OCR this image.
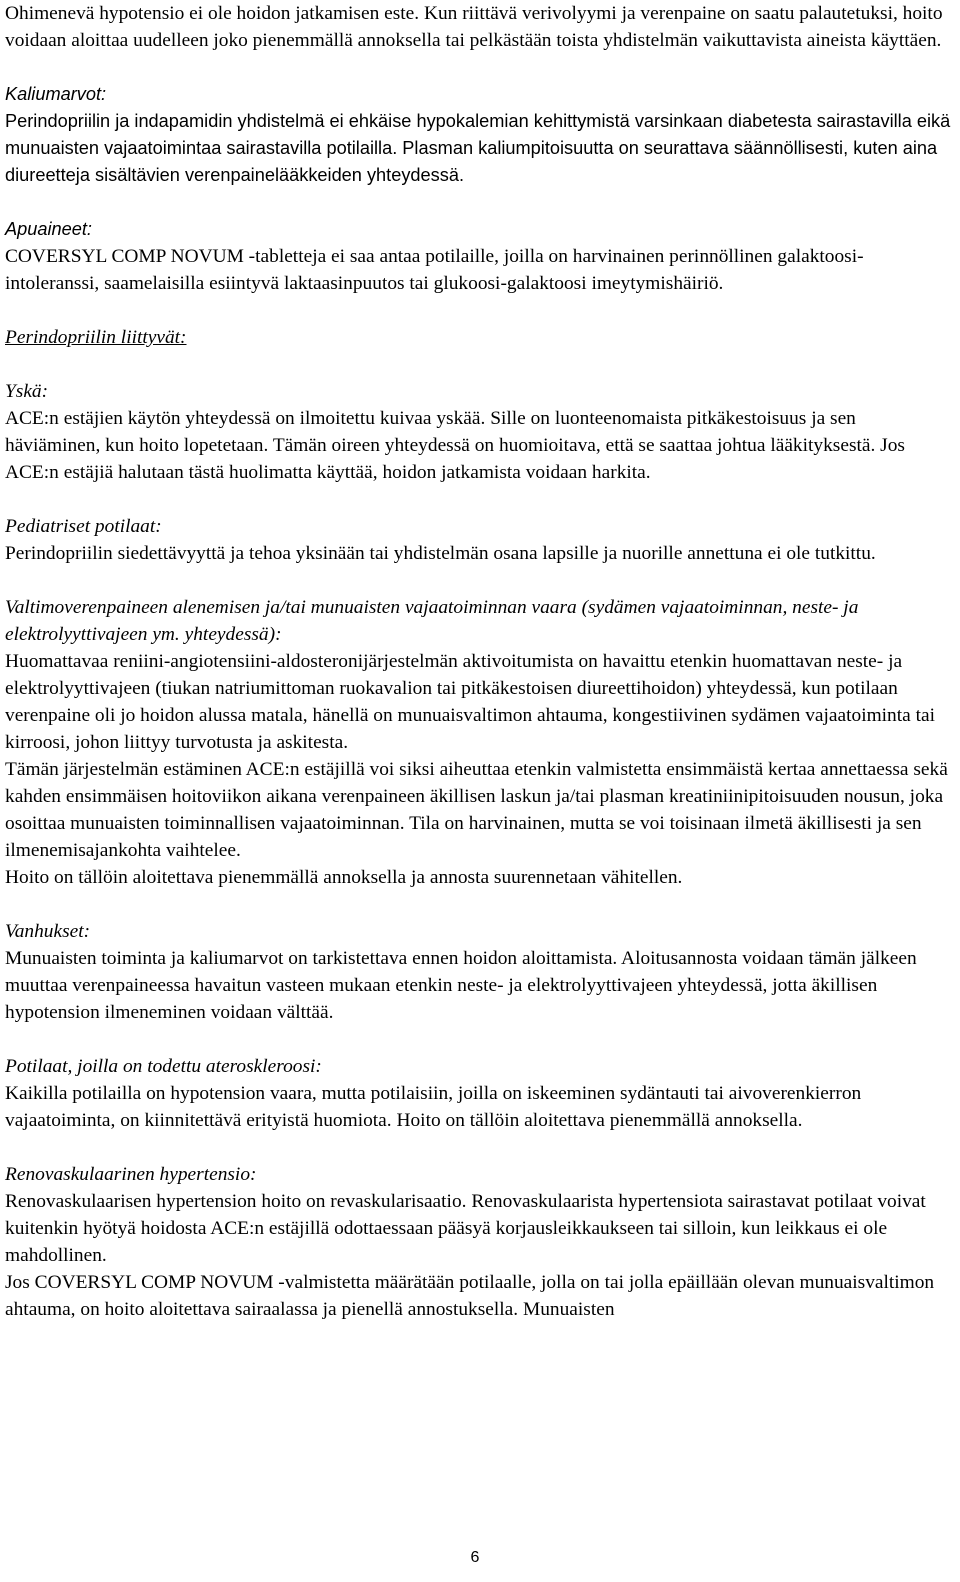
Ohimenevä hypotensio ei ole hoidon jatkamisen este. Kun riittävä verivolyymi ja verenpaine on saatu palautetuksi, hoito voidaan aloittaa uudelleen joko pienemmällä annoksella tai pelkästään toista yhdistelmän vaikuttavista aineista käyttäen.

Kaliumarvot:

Perindopriilin ja indapamidin yhdistelmä ei ehkäise hypokalemian kehittymistä varsinkaan diabetesta sairastavilla eikä munuaisten vajaatoimintaa sairastavilla potilailla. Plasman kaliumpitoisuutta on seurattava säännöllisesti, kuten aina diureetteja sisältävien verenpainelääkkeiden yhteydessä.

Apuaineet:

COVERSYL COMP NOVUM -tabletteja ei saa antaa potilaille, joilla on harvinainen perinnöllinen galaktoosi-intoleranssi, saamelaisilla esiintyvä laktaasinpuutos tai glukoosi-galaktoosi imeytymishäiriö.

Perindopriilin liittyvät:

Yskä:

ACE:n estäjien käytön yhteydessä on ilmoitettu kuivaa yskää. Sille on luonteenomaista pitkäkestoisuus ja sen häviäminen, kun hoito lopetetaan. Tämän oireen yhteydessä on huomioitava, että se saattaa johtua lääkityksestä. Jos ACE:n estäjiä halutaan tästä huolimatta käyttää, hoidon jatkamista voidaan harkita.

Pediatriset potilaat:

Perindopriilin siedettävyyttä ja tehoa yksinään tai yhdistelmän osana lapsille ja nuorille annettuna ei ole tutkittu.

Valtimoverenpaineen alenemisen ja/tai munuaisten vajaatoiminnan vaara (sydämen vajaatoiminnan, neste- ja elektrolyyttivajeen ym. yhteydessä):

Huomattavaa reniini-angiotensiini-aldosteronijärjestelmän aktivoitumista on havaittu etenkin huomattavan neste- ja elektrolyyttivajeen (tiukan natriumittoman ruokavalion tai pitkäkestoisen diureettihoidon) yhteydessä, kun potilaan verenpaine oli jo hoidon alussa matala, hänellä on munuaisvaltimon ahtauma, kongestiivinen sydämen vajaatoiminta tai kirroosi, johon liittyy turvotusta ja askitesta.

Tämän järjestelmän estäminen ACE:n estäjillä voi siksi aiheuttaa etenkin valmistetta ensimmäistä kertaa annettaessa sekä kahden ensimmäisen hoitoviikon aikana verenpaineen äkillisen laskun ja/tai plasman kreatiniinipitoisuuden nousun, joka osoittaa munuaisten toiminnallisen vajaatoiminnan. Tila on harvinainen, mutta se voi toisinaan ilmetä äkillisesti ja sen ilmenemisajankohta vaihtelee.

Hoito on tällöin aloitettava pienemmällä annoksella ja annosta suurennetaan vähitellen.

Vanhukset:

Munuaisten toiminta ja kaliumarvot on tarkistettava ennen hoidon aloittamista. Aloitusannosta voidaan tämän jälkeen muuttaa verenpaineessa havaitun vasteen mukaan etenkin neste- ja elektrolyyttivajeen yhteydessä, jotta äkillisen hypotension ilmeneminen voidaan välttää.

Potilaat, joilla on todettu ateroskleroosi:

Kaikilla potilailla on hypotension vaara, mutta potilaisiin, joilla on iskeeminen sydäntauti tai aivoverenkierron vajaatoiminta, on kiinnitettävä erityistä huomiota. Hoito on tällöin aloitettava pienemmällä annoksella.

Renovaskulaarinen hypertensio:

Renovaskulaarisen hypertension hoito on revaskularisaatio. Renovaskulaarista hypertensiota sairastavat potilaat voivat kuitenkin hyötyä hoidosta ACE:n estäjillä odottaessaan pääsyä korjausleikkaukseen tai silloin, kun leikkaus ei ole mahdollinen.

Jos COVERSYL COMP NOVUM -valmistetta määrätään potilaalle, jolla on tai jolla epäillään olevan munuaisvaltimon ahtauma, on hoito aloitettava sairaalassa ja pienellä annostuksella. Munuaisten

6
